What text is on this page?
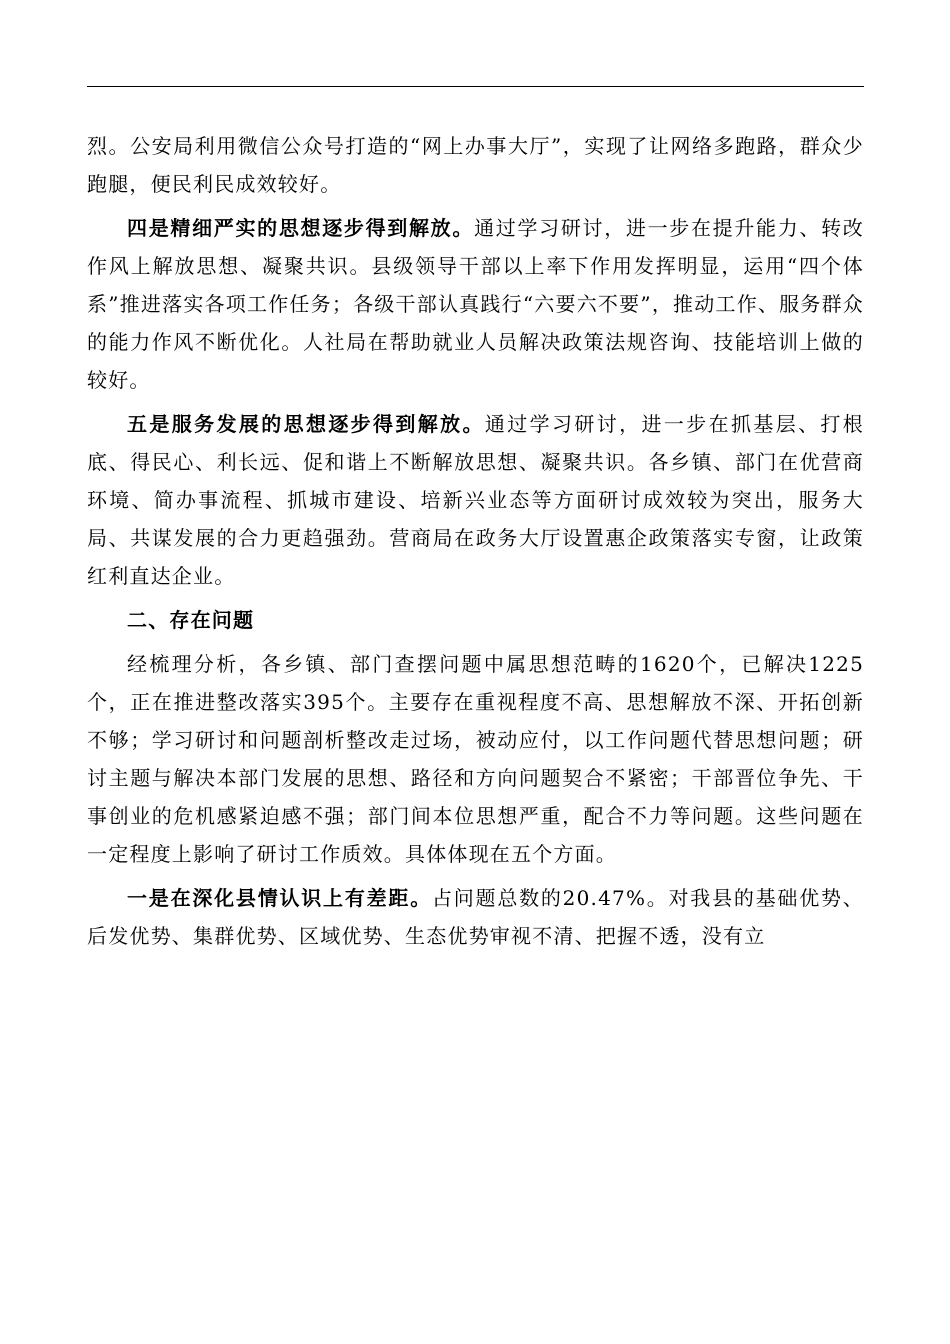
烈。公安局利用微信公众号打造的“网上办事大厅”，实现了让网络多跑路，群众少跑腿，便民利民成效较好。

四是精细严实的思想逐步得到解放。通过学习研讨，进一步在提升能力、转改作风上解放思想、凝聚共识。县级领导干部以上率下作用发挥明显，运用“四个体系”推进落实各项工作任务；各级干部认真践行“六要六不要”，推动工作、服务群众的能力作风不断优化。人社局在帮助就业人员解决政策法规咨询、技能培训上做的较好。

五是服务发展的思想逐步得到解放。通过学习研讨，进一步在抓基层、打根底、得民心、利长远、促和谐上不断解放思想、凝聚共识。各乡镇、部门在优营商环境、简办事流程、抓城市建设、培新兴业态等方面研讨成效较为突出，服务大局、共谋发展的合力更趋强劲。营商局在政务大厅设置惠企政策落实专窗，让政策红利直达企业。

二、存在问题

经梳理分析，各乡镇、部门查摆问题中属思想范畴的1620个，已解决1225个，正在推进整改落实395个。主要存在重视程度不高、思想解放不深、开拓创新不够；学习研讨和问题剖析整改走过场，被动应付，以工作问题代替思想问题；研讨主题与解决本部门发展的思想、路径和方向问题契合不紧密；干部晋位争先、干事创业的危机感紧迫感不强；部门间本位思想严重，配合不力等问题。这些问题在一定程度上影响了研讨工作质效。具体体现在五个方面。

一是在深化县情认识上有差距。占问题总数的20.47%。对我县的基础优势、后发优势、集群优势、区域优势、生态优势审视不清、把握不透，没有立
